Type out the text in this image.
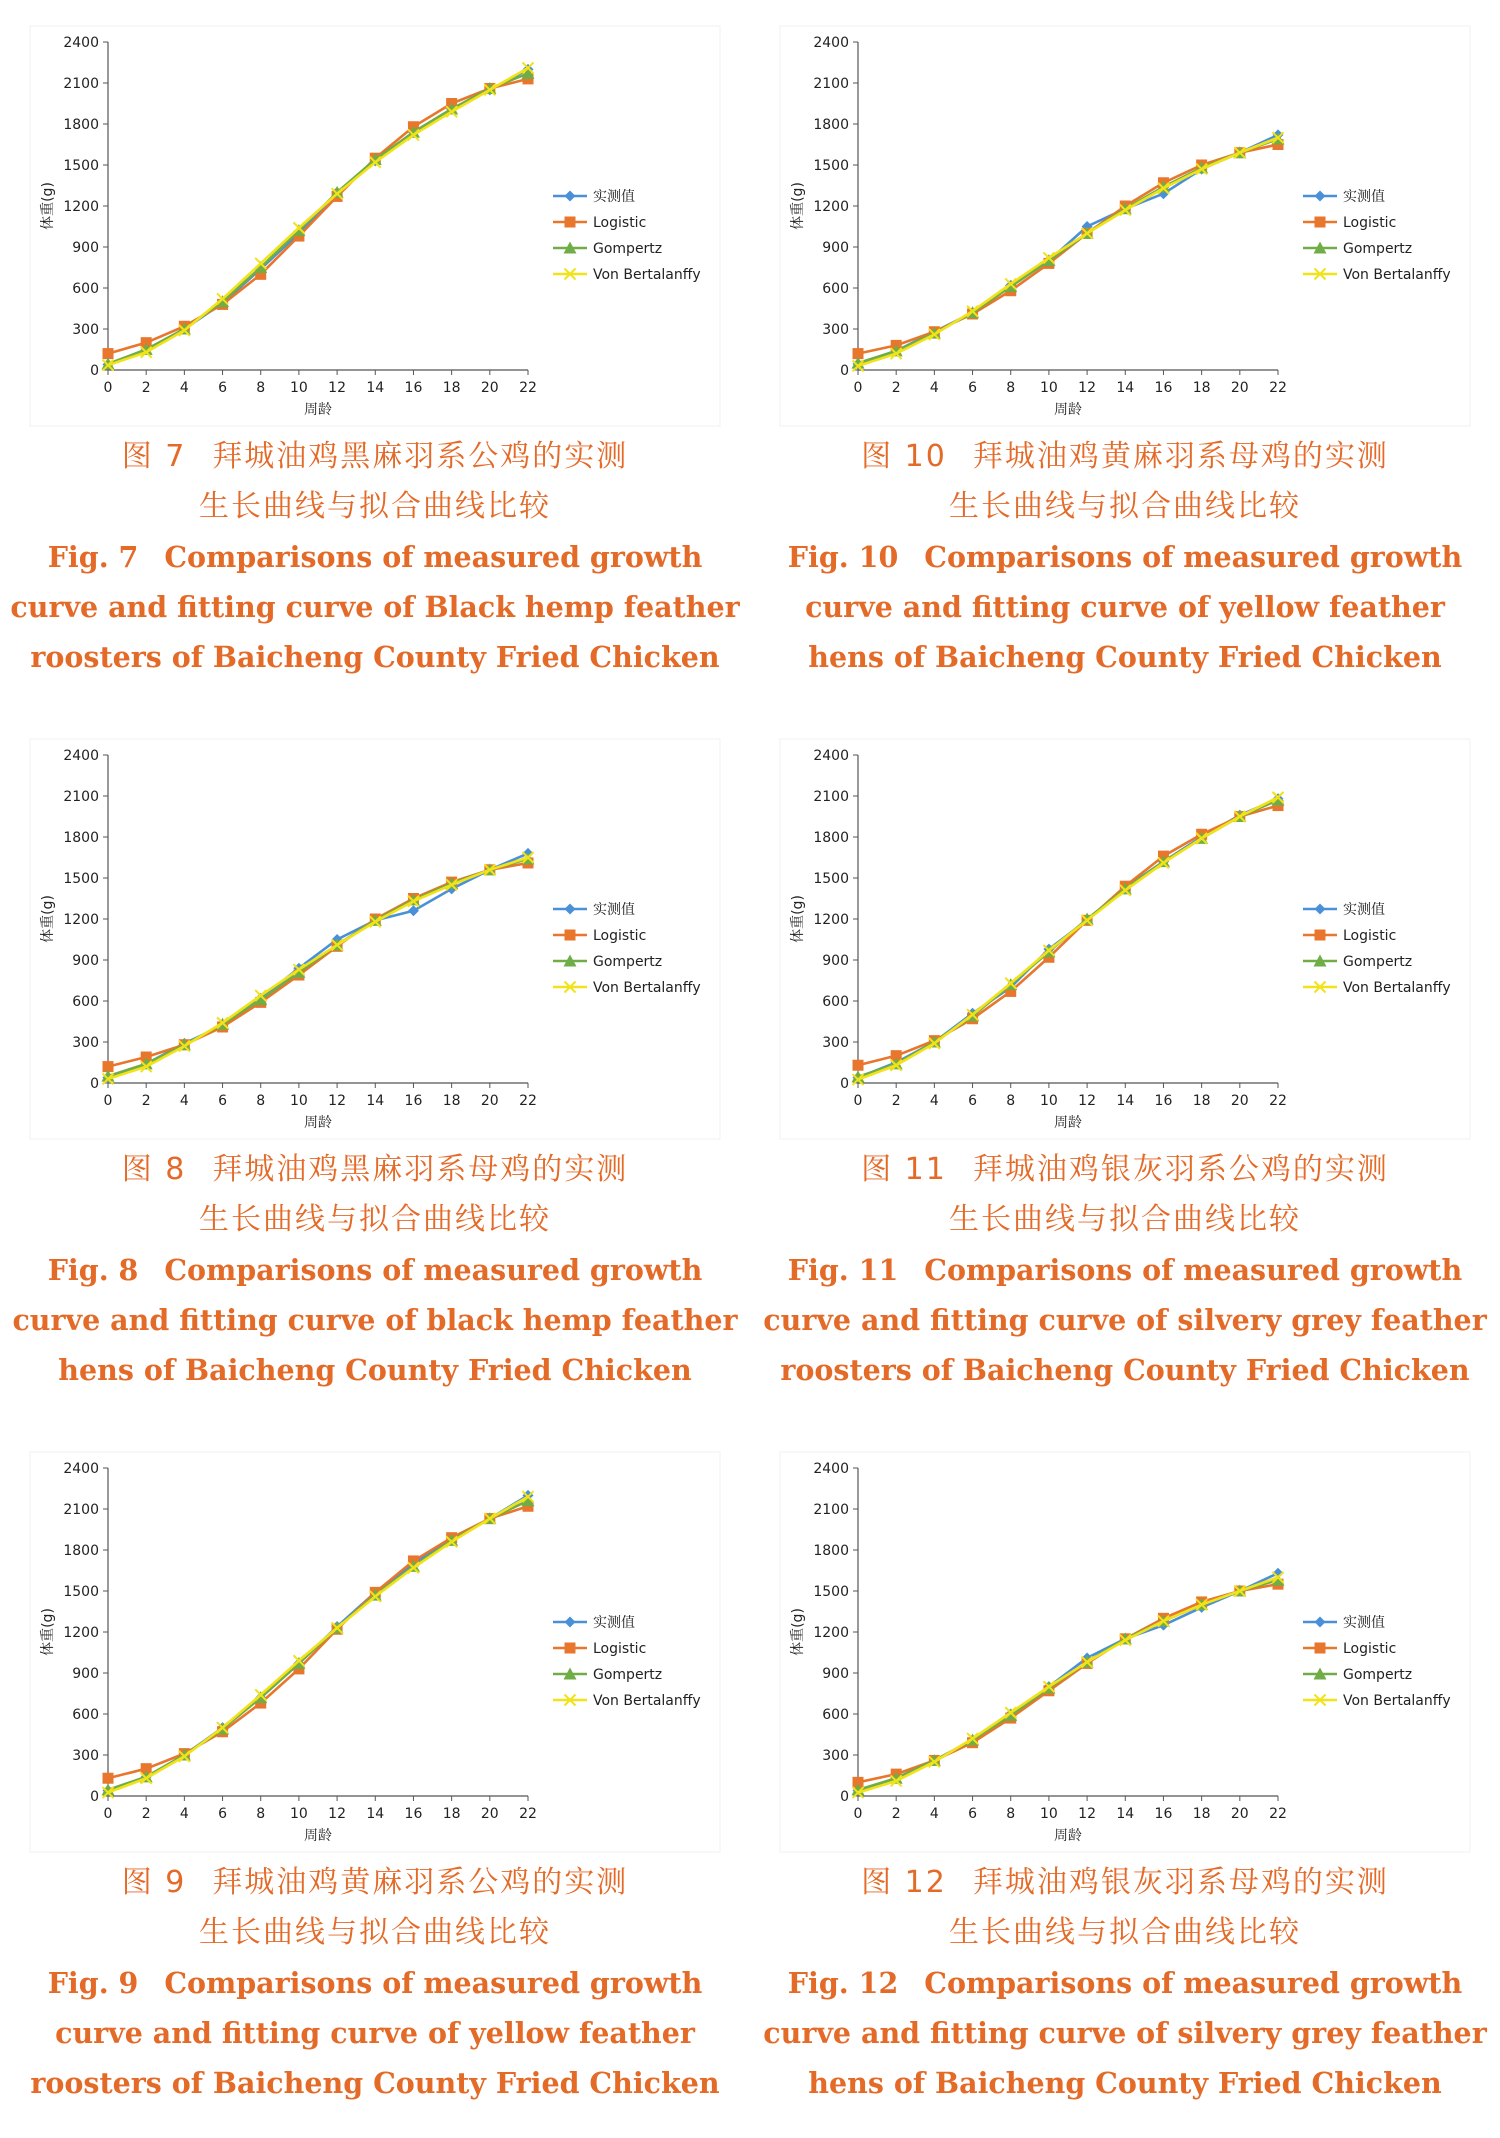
0
300
600
900
1200
1500
1800
2100
2400
0 2 4 6 8 10 12 14 16 18 20 22
周龄
体重(g)	实测值
Logistic
Gompertz
Von Bertalanffy
图 7 拜城油鸡黑麻羽系公鸡的实测
生长曲线与拟合曲线比较
Fig. 7 Comparisons of measured growth
curve and fitting curve of Black hemp feather
roosters of Baicheng County Fried Chicken
0
300
600
900
1200
1500
1800
2100
2400
0 2 4 6 8 10 12 14 16 18 20 22
周龄
体重(g)	实测值
Logistic
Gompertz
Von Bertalanffy
图 10 拜城油鸡黄麻羽系母鸡的实测
生长曲线与拟合曲线比较
Fig. 10 Comparisons of measured growth
curve and fitting curve of yellow feather
hens of Baicheng County Fried Chicken
0
300
600
900
1200
1500
1800
2100
2400
0 2 4 6 8 10 12 14 16 18 20 22
周龄
体重(g)	实测值
Logistic
Gompertz
Von Bertalanffy
图 8 拜城油鸡黑麻羽系母鸡的实测
生长曲线与拟合曲线比较
Fig. 8 Comparisons of measured growth
curve and fitting curve of black hemp feather
hens of Baicheng County Fried Chicken
0
300
600
900
1200
1500
1800
2100
2400
0 2 4 6 8 10 12 14 16 18 20 22
周龄
体重(g)	实测值
Logistic
Gompertz
Von Bertalanffy
图 11 拜城油鸡银灰羽系公鸡的实测
生长曲线与拟合曲线比较
Fig. 11 Comparisons of measured growth
curve and fitting curve of silvery grey feather
roosters of Baicheng County Fried Chicken
0
300
600
900
1200
1500
1800
2100
2400
0 2 4 6 8 10 12 14 16 18 20 22
周龄
体重(g)	实测值
Logistic
Gompertz
Von Bertalanffy
图 9 拜城油鸡黄麻羽系公鸡的实测
生长曲线与拟合曲线比较
Fig. 9 Comparisons of measured growth
curve and fitting curve of yellow feather
roosters of Baicheng County Fried Chicken
0
300
600
900
1200
1500
1800
2100
2400
0 2 4 6 8 10 12 14 16 18 20 22
周龄
体重(g)	实测值
Logistic
Gompertz
Von Bertalanffy
图 12 拜城油鸡银灰羽系母鸡的实测
生长曲线与拟合曲线比较
Fig. 12 Comparisons of measured growth
curve and fitting curve of silvery grey feather
hens of Baicheng County Fried Chicken
